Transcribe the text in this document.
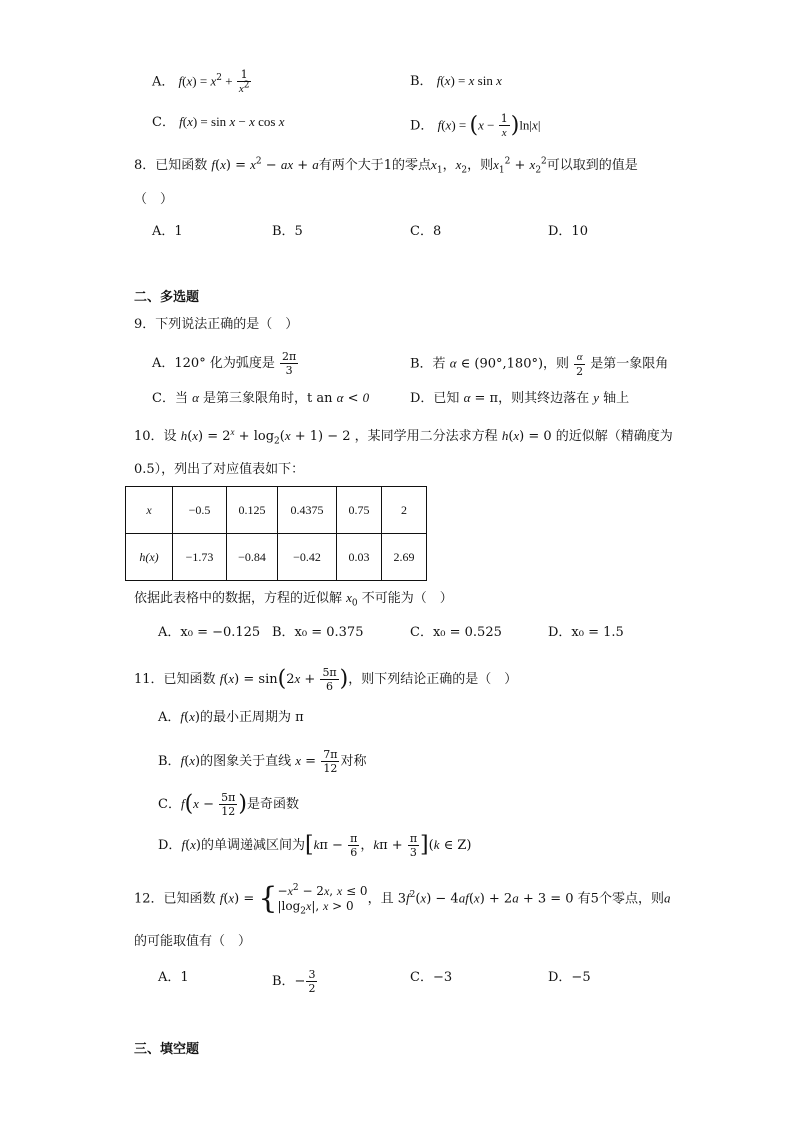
A． $f(x) = x^2 + \frac{1}{x^2}$	B． f(x) = x sin x
C． f(x) = sin x − x cos x	D． $f(x) = (x - \frac{1}{x} )\ln|x|$
8．已知函数 $f(x) = x^2$ − ax + a有两个大于1的零点$x_1$，$x_2$，则$x_1^2 + x_2^2$可以取到的值是
（　）
A．1	B．5	C．8	D．10
二、多选题
9．下列说法正确的是（　）
A．120° 化为弧度是 $\frac{2\pi}{3}$	B．若 α ∈ (90°,180°)，则 $\frac{\alpha}{2}$ 是第一象限角
C．当 α 是第三象限角时，t an α < 0	D．已知 α = π，则其终边落在 y 轴上
10．设 $h(x) = 2^x + \log_2(x + 1) - 2$ ，某同学用二分法求方程 h(x) = 0 的近似解（精确度为
0.5），列出了对应值表如下：
x	−0.5	0.125	0.4375	0.75	2
h(x)	−1.73	−0.84	−0.42	0.03	2.69
依据此表格中的数据，方程的近似解 $x_0$ 不可能为（　）
A．x₀ = −0.125 B．x₀ = 0.375	C．x₀ = 0.525	D．x₀ = 1.5
11．已知函数 $f(x) = \sin(2x + \frac{5\pi}{6}$ )，则下列结论正确的是（　）
A．f(x)的最小正周期为 π
B．f(x)的图象关于直线 $x = \frac{7\pi}{12}$ 对称
C．$f(x - \frac{5\pi}{12}$ )是奇函数
D．f(x)的单调递减区间为[$k\pi - \frac{\pi}{6}$ ，$k\pi + \frac{\pi}{3} ](k$ ∈ Z)
12．已知函数 f(x) = { $-x^2 - 2x$, x ≤ 0
$|\log_2x|$, x > 0	，且 $3f^2(x) - 4af(x) + 2a + 3 = 0$ 有5个零点，则a
的可能取值有（　）
A．1	B．− $\frac{3}{2}$	C．−3	D．−5
三、填空题
